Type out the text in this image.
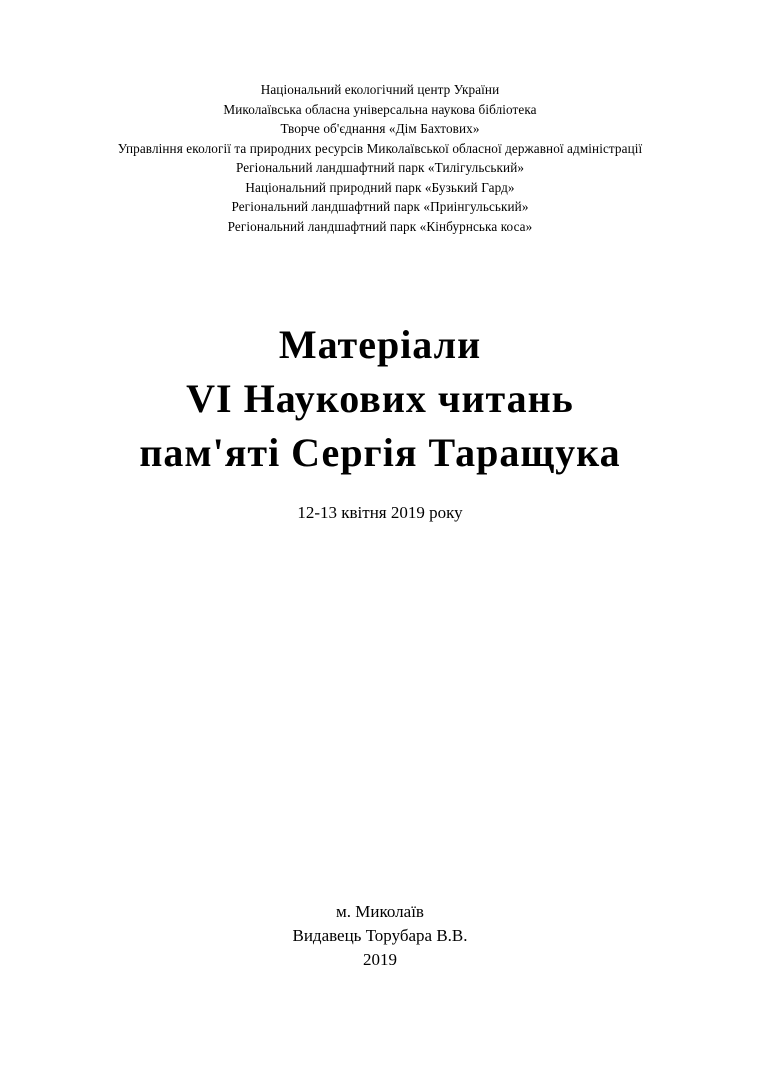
Національний екологічний центр України
Миколаївська обласна універсальна наукова бібліотека
Творче об'єднання «Дім Бахтових»
Управління екології та природних ресурсів Миколаївської обласної державної адміністрації
Регіональний ландшафтний парк «Тилігульський»
Національний природний парк «Бузький Гард»
Регіональний ландшафтний парк «Приінгульський»
Регіональний ландшафтний парк «Кінбурнська коса»
Матеріали
VI Наукових читань
пам'яті Сергія Таращука
12-13 квітня 2019 року
м. Миколаїв
Видавець Торубара В.В.
2019
